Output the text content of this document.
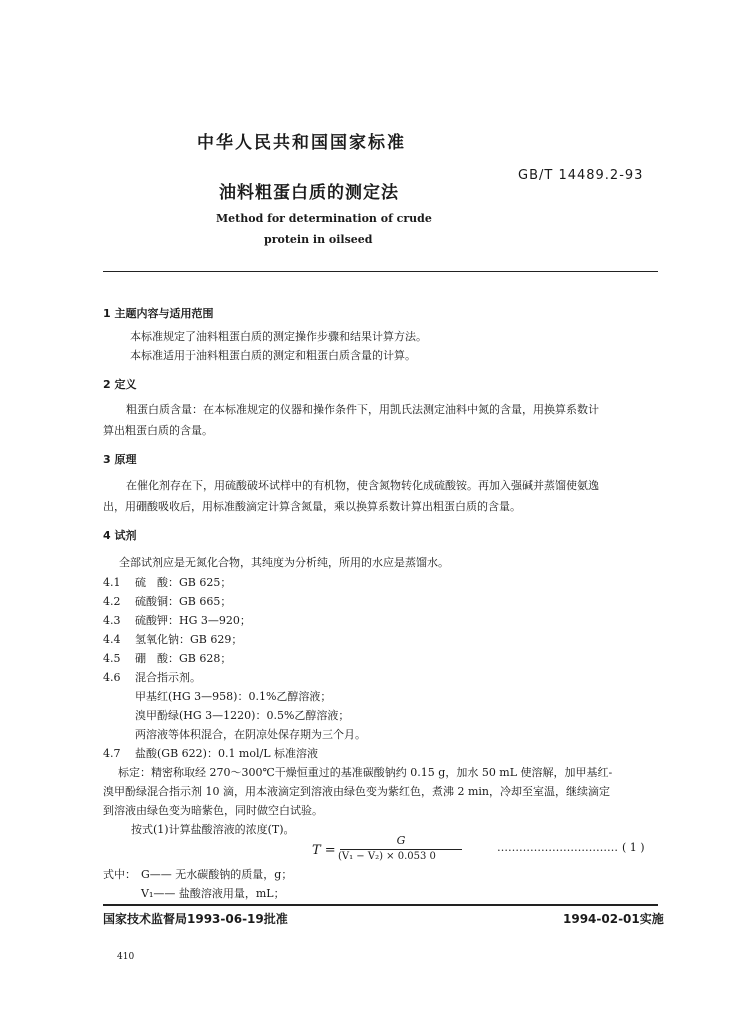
中华人民共和国国家标准
GB/T 14489.2-93
油料粗蛋白质的测定法
Method for determination of crude
protein in oilseed
1 主题内容与适用范围
本标准规定了油料粗蛋白质的测定操作步骤和结果计算方法。
本标准适用于油料粗蛋白质的测定和粗蛋白质含量的计算。
2 定义
粗蛋白质含量：在本标准规定的仪器和操作条件下，用凯氏法测定油料中氮的含量，用换算系数计
算出粗蛋白质的含量。
3 原理
在催化剂存在下，用硫酸破坏试样中的有机物，使含氮物转化成硫酸铵。再加入强碱并蒸馏使氨逸
出，用硼酸吸收后，用标准酸滴定计算含氮量，乘以换算系数计算出粗蛋白质的含量。
4 试剂
全部试剂应是无氮化合物，其纯度为分析纯，所用的水应是蒸馏水。
4.1 硫　酸：GB 625；
4.2 硫酸铜：GB 665；
4.3 硫酸钾：HG 3—920；
4.4 氢氧化钠：GB 629；
4.5 硼　酸：GB 628；
4.6 混合指示剂。
甲基红(HG 3—958)：0.1%乙醇溶液；
溴甲酚绿(HG 3—1220)：0.5%乙醇溶液；
两溶液等体积混合，在阴凉处保存期为三个月。
4.7 盐酸(GB 622)：0.1 mol/L 标准溶液
标定：精密称取经 270～300℃干燥恒重过的基准碳酸钠约 0.15 g，加水 50 mL 使溶解，加甲基红-
溴甲酚绿混合指示剂 10 滴，用本液滴定到溶液由绿色变为紫红色，煮沸 2 min，冷却至室温，继续滴定
到溶液由绿色变为暗紫色，同时做空白试验。
按式(1)计算盐酸溶液的浓度(T)。
T =
G
(V₁ − V₂) × 0.053 0
…………………………… ( 1 )
式中： G—— 无水碳酸钠的质量，g；
V₁—— 盐酸溶液用量，mL；
国家技术监督局1993-06-19批准	1994-02-01实施
410
